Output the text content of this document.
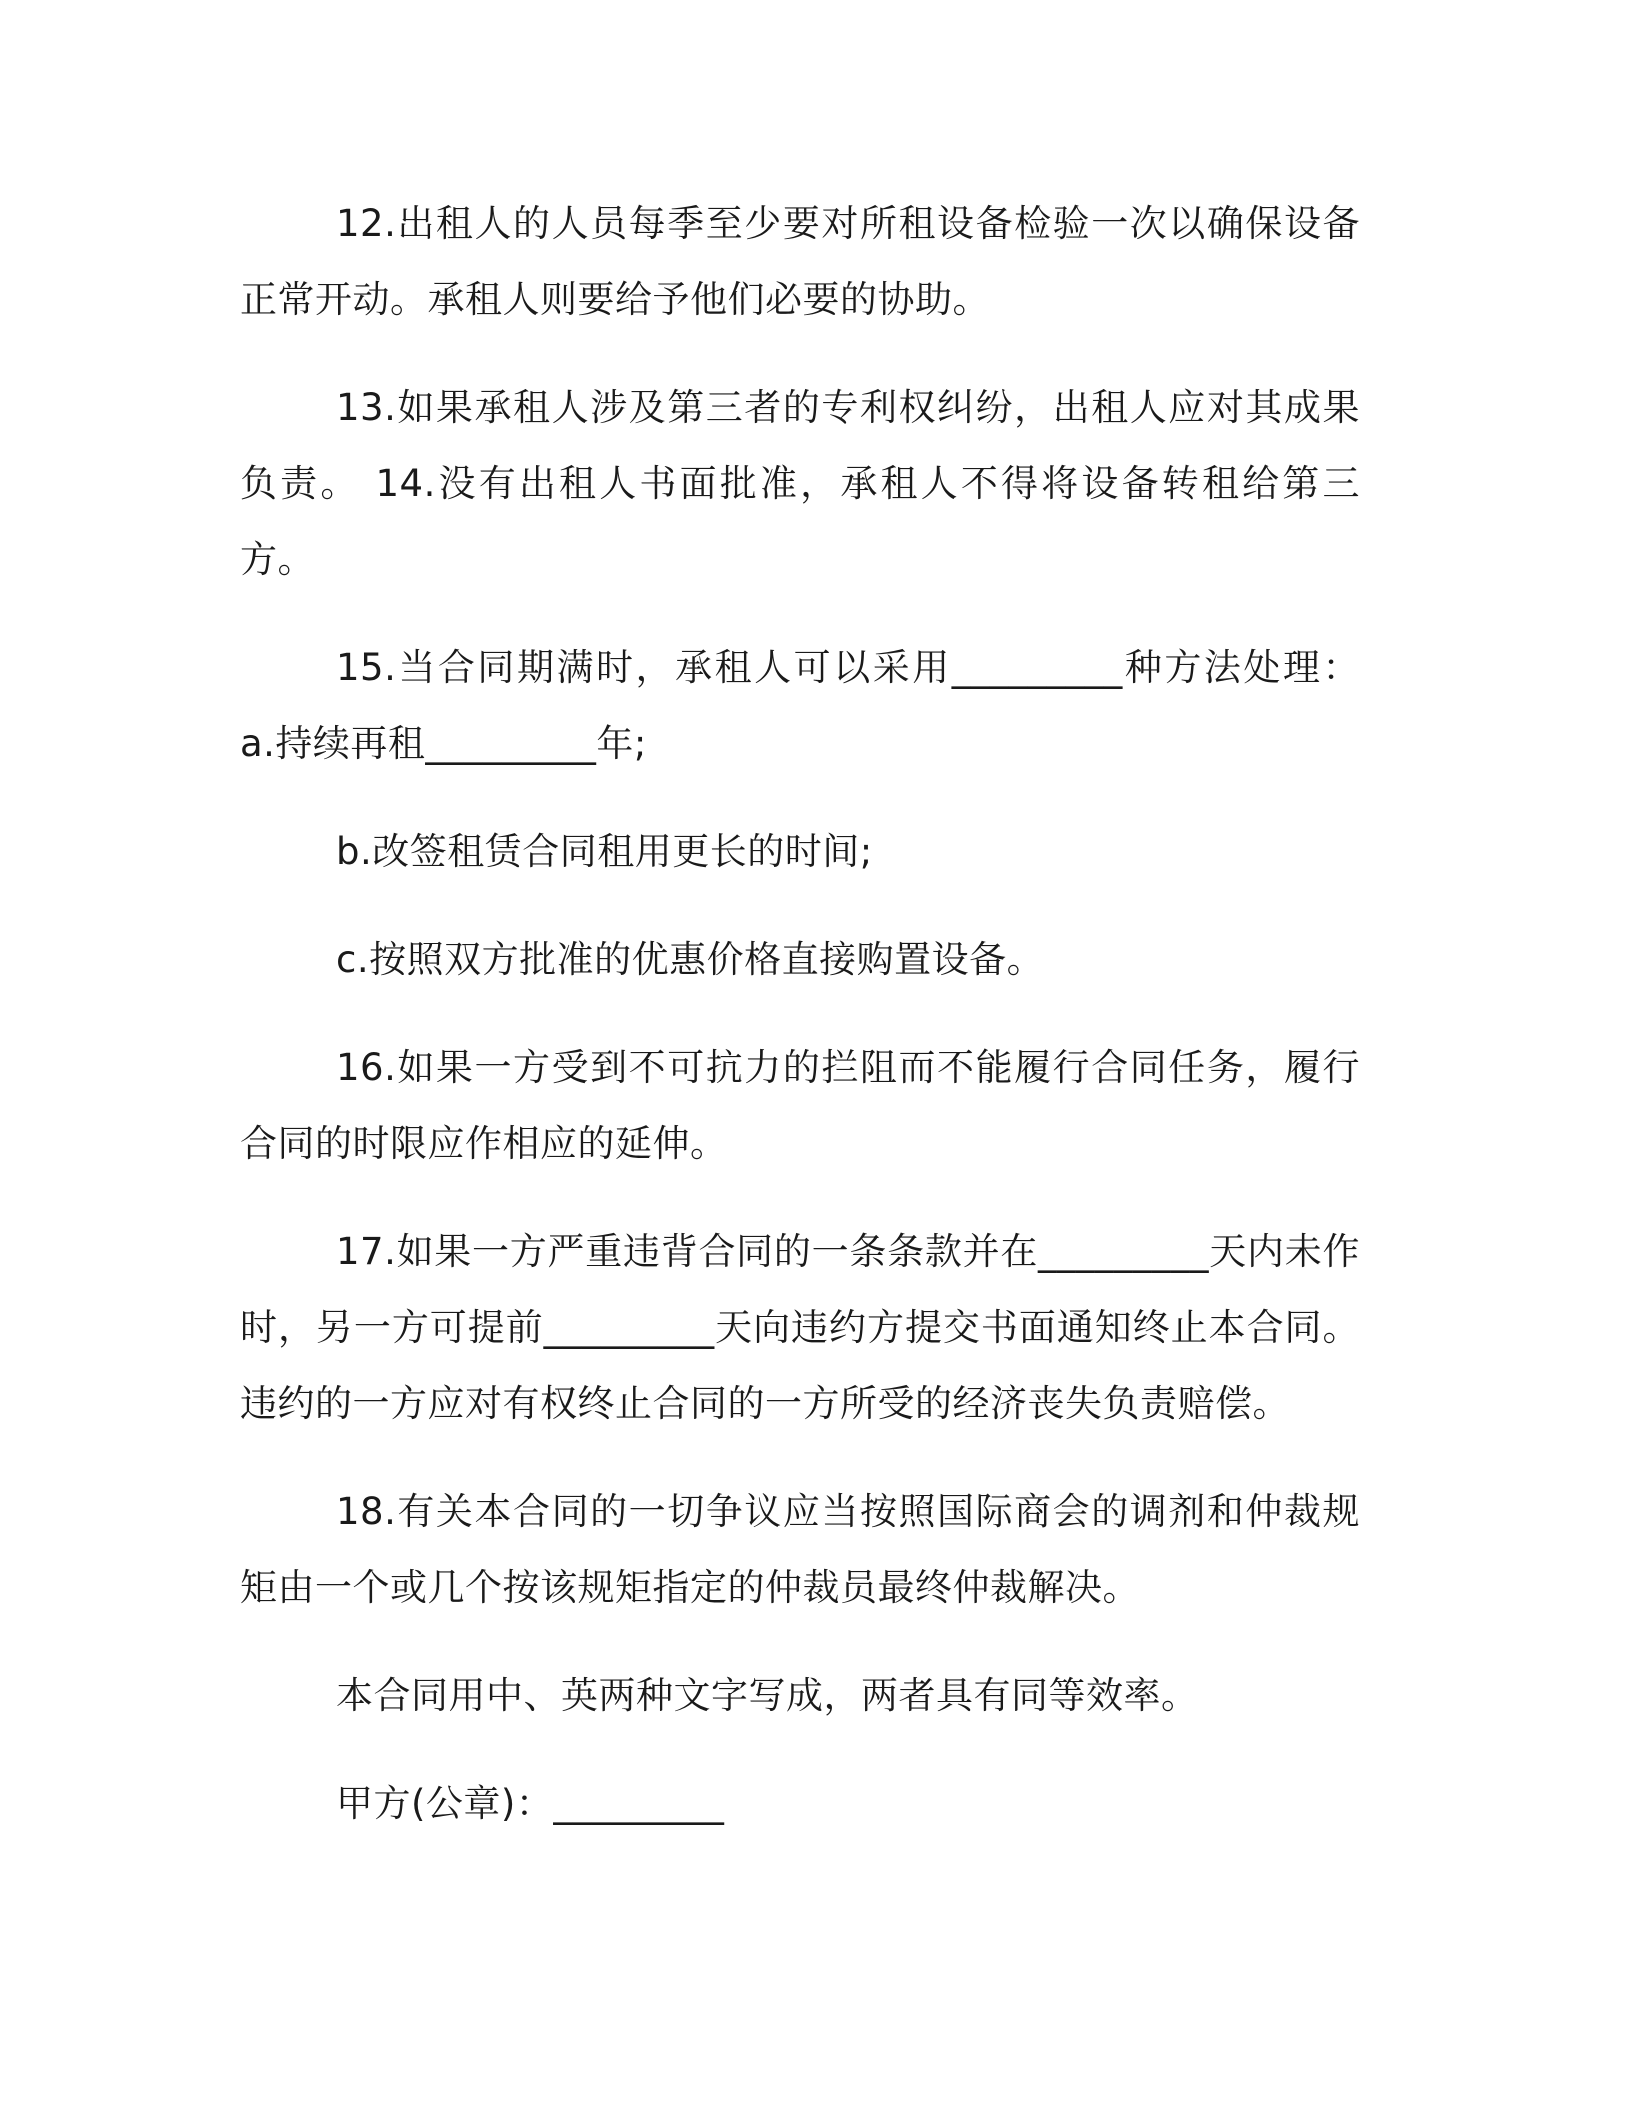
12.出租人的人员每季至少要对所租设备检验一次以确保设备正常开动。承租人则要给予他们必要的协助。

13.如果承租人涉及第三者的专利权纠纷，出租人应对其成果负责。 14.没有出租人书面批准，承租人不得将设备转租给第三方。

15.当合同期满时，承租人可以采用_________种方法处理： a.持续再租_________年;

b.改签租赁合同租用更长的时间;

c.按照双方批准的优惠价格直接购置设备。

16.如果一方受到不可抗力的拦阻而不能履行合同任务，履行合同的时限应作相应的延伸。

17.如果一方严重违背合同的一条条款并在_________天内未作时，另一方可提前_________天向违约方提交书面通知终止本合同。违约的一方应对有权终止合同的一方所受的经济丧失负责赔偿。

18.有关本合同的一切争议应当按照国际商会的调剂和仲裁规矩由一个或几个按该规矩指定的仲裁员最终仲裁解决。

本合同用中、英两种文字写成，两者具有同等效率。

甲方(公章)：_________
